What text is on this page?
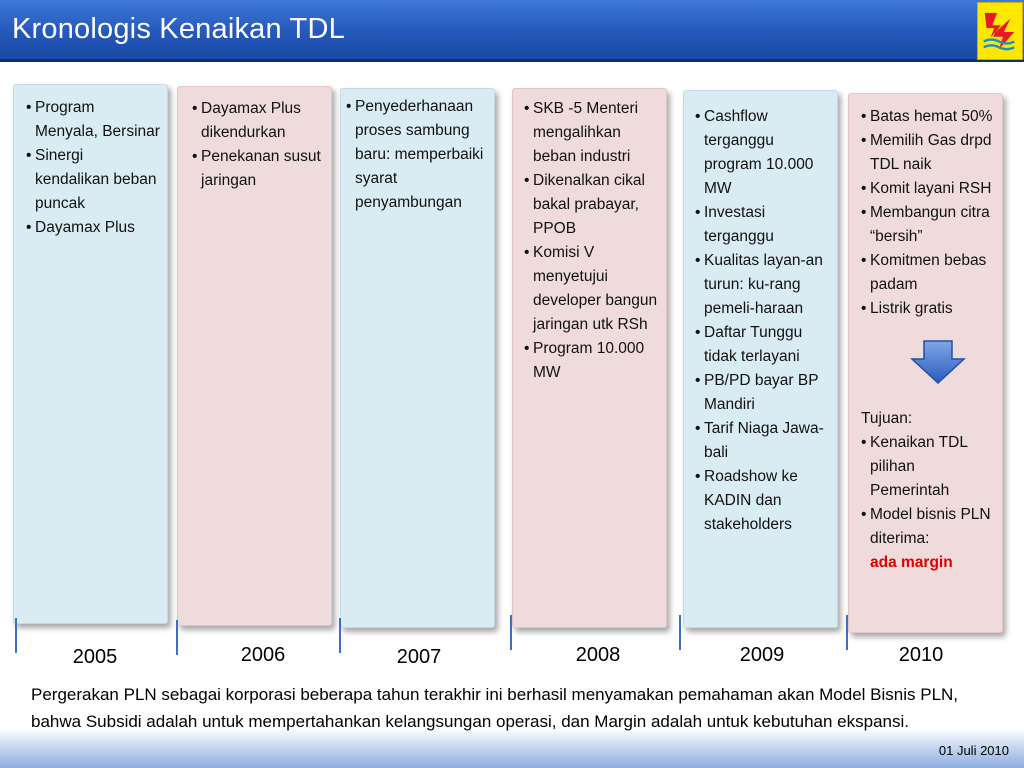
Kronologis Kenaikan TDL
• Program Menyala, Bersinar
• Sinergi kendalikan beban puncak
• Dayamax Plus
• Dayamax Plus dikendurkan
• Penekanan susut jaringan
• Penyederhanaan proses sambung baru: memperbaiki syarat penyambungan
• SKB -5 Menteri mengalihkan beban industri
• Dikenalkan cikal bakal prabayar, PPOB
• Komisi V menyetujui developer bangun jaringan utk RSh
• Program 10.000 MW
• Cashflow terganggu program 10.000 MW
• Investasi terganggu
• Kualitas layan-an turun: ku-rang pemeli-haraan
• Daftar Tunggu tidak terlayani
• PB/PD bayar BP Mandiri
• Tarif Niaga Jawa-bali
• Roadshow ke KADIN dan stakeholders
• Batas hemat 50%
• Memilih Gas drpd TDL naik
• Komit layani RSH
• Membangun citra “bersih”
• Komitmen bebas padam
• Listrik gratis
Tujuan:
• Kenaikan TDL pilihan Pemerintah
• Model bisnis PLN diterima:
ada margin
2005	2006	2007	2008	2009	2010
Pergerakan PLN sebagai korporasi beberapa tahun terakhir ini berhasil menyamakan pemahaman akan Model Bisnis PLN, bahwa Subsidi adalah untuk mempertahankan kelangsungan operasi, dan Margin adalah untuk kebutuhan ekspansi.
01 Juli 2010
